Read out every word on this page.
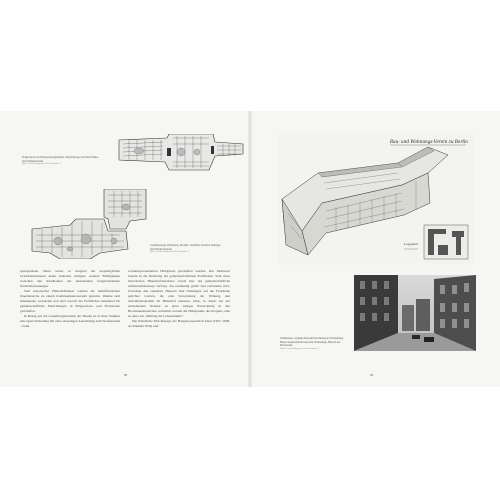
Erdgeschoss und Obergeschossgrundriss, Ideal-Passage zwischen Franke- und Waldemarstraße
Quelle: Archiv Bürgerverein Luisenstadt e.V.
Grundrisszeuge Wittenberg, Modelle: Grundriss zwischen Danziger- und Marchwitzstraße
Quelle: Archiv Bürgerverein Luisenstadt e.V.

Quergebäude. Muss weiter in steigend der ursprünglichen Grundrisstrukturen keine zentralen Anlagen, sondern Einfügungen zwischen den Randbauten der bestehenden fortgeschrittenen Nachbarbebauungen.

Statt historischer Hinterhofhäuser wurden die halböffentlichen Innenbereiche zu einem Kommunikationsraum gestaltet. Räume sind miteinander verbunden und sind sowohl die Freiflächen bestehend für gemeinschaftliche Einrichtungen in Erdgeschoss- und Hochzonen geschaffen.

In Bezug auf die Grundrissgestaltung der Bauten ist in ihrer Struktur eine Querverbindung mit einer einseitigen Ausrichtung zum Straßenraum – beim

wohnungsorientierten Halbgärten geschaffen wurden. Der Mehrwert besteht in der Belebung der gemeinschaftlichen Freiflächen. Statt eines historischen Hinterhofcharakters wurde hier das gemeinschaftliche Außenraumkonzept verfolgt, das nachhaltig gelebt und verbunden wird. Zwischen den einzelnen Hausern sind Nutzungen auf die Freiräume gerichtet worden, die eine Verwendung der Wirkung und Aufenthaltsqualität im Hinterhof zulassen. Dass, in dieser Art der entstehenden Struktur zu einer stetigen Entwicklung in den Blockinnenbereichen vermittelt werden die Höhepunkte des Projekts, eine zu einer Art „Hellung der Lebensräume“.

Die Wendische Mol-Passage der Baugenossenschaft Ideal (1907–1908, Architekten Willy und

88
Bau- und Wohnungs-Verein zu Berlin
Lageplan
Wohnanlage, originale Perspektivzeichnung der Wohnanlage. Heute: Kulturzentrum Ideal und Wohnanlage, Blick in die Privatstraße.
Quelle: Archiv Bürgerverein Luisenstadt e.V.
89
